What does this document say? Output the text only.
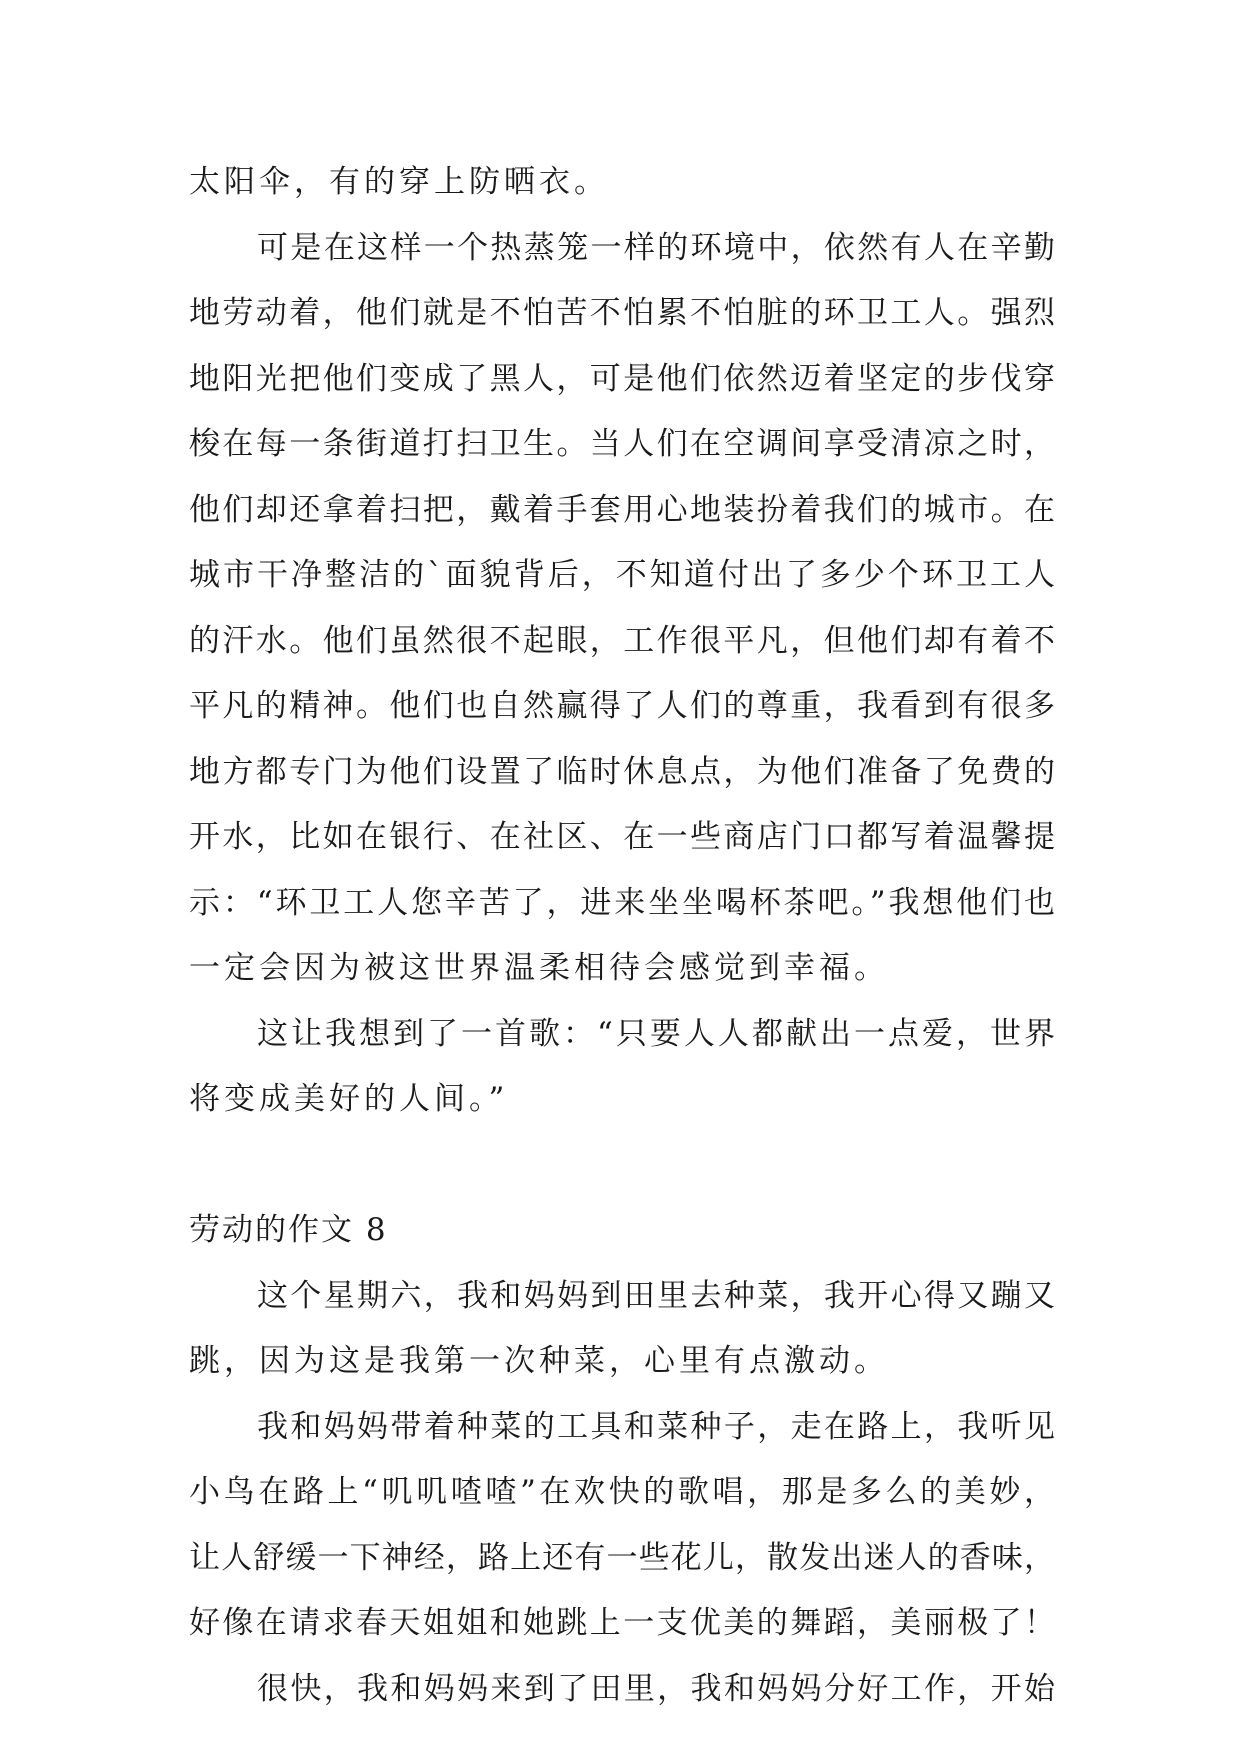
太阳伞，有的穿上防晒衣。
可是在这样一个热蒸笼一样的环境中，依然有人在辛勤
地劳动着，他们就是不怕苦不怕累不怕脏的环卫工人。强烈
地阳光把他们变成了黑人，可是他们依然迈着坚定的步伐穿
梭在每一条街道打扫卫生。当人们在空调间享受清凉之时，
他们却还拿着扫把，戴着手套用心地装扮着我们的城市。在
城市干净整洁的`面貌背后，不知道付出了多少个环卫工人
的汗水。他们虽然很不起眼，工作很平凡，但他们却有着不
平凡的精神。他们也自然赢得了人们的尊重，我看到有很多
地方都专门为他们设置了临时休息点，为他们准备了免费的
开水，比如在银行、在社区、在一些商店门口都写着温馨提
示：“环卫工人您辛苦了，进来坐坐喝杯茶吧。”我想他们也
一定会因为被这世界温柔相待会感觉到幸福。
这让我想到了一首歌：“只要人人都献出一点爱，世界
将变成美好的人间。”
劳动的作文 8
这个星期六，我和妈妈到田里去种菜，我开心得又蹦又
跳，因为这是我第一次种菜，心里有点激动。
我和妈妈带着种菜的工具和菜种子，走在路上，我听见
小鸟在路上“叽叽喳喳”在欢快的歌唱，那是多么的美妙，
让人舒缓一下神经，路上还有一些花儿，散发出迷人的香味，
好像在请求春天姐姐和她跳上一支优美的舞蹈，美丽极了！
很快，我和妈妈来到了田里，我和妈妈分好工作，开始
